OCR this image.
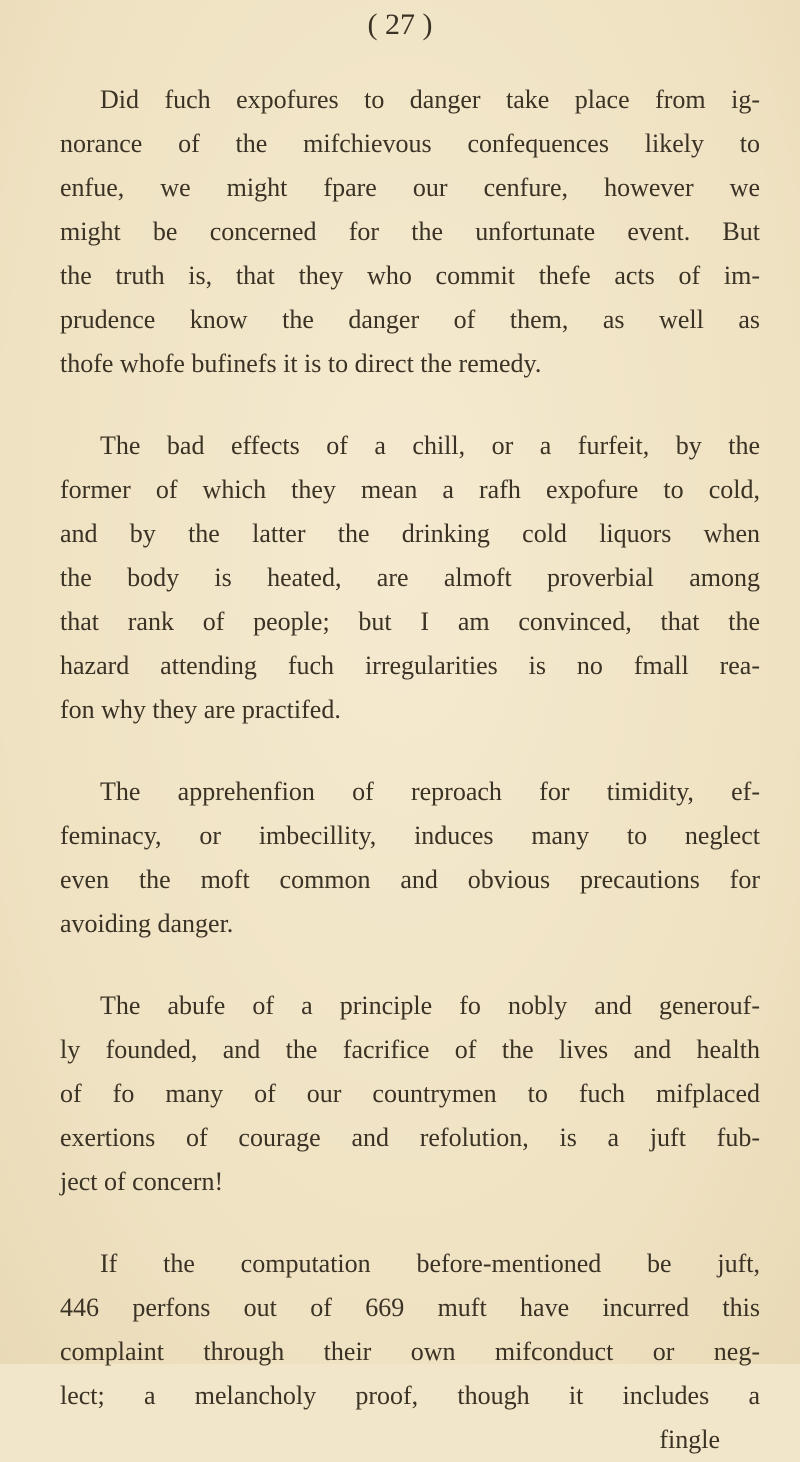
( 27 )
Did fuch expofures to danger take place from ig-
norance of the mifchievous confequences likely to
enfue, we might fpare our cenfure, however we
might be concerned for the unfortunate event. But
the truth is, that they who commit thefe acts of im-
prudence know the danger of them, as well as
thofe whofe bufinefs it is to direct the remedy.
The bad effects of a chill, or a furfeit, by the
former of which they mean a rafh expofure to cold,
and by the latter the drinking cold liquors when
the body is heated, are almoft proverbial among
that rank of people; but I am convinced, that the
hazard attending fuch irregularities is no fmall rea-
fon why they are practifed.
The apprehenfion of reproach for timidity, ef-
feminacy, or imbecillity, induces many to neglect
even the moft common and obvious precautions for
avoiding danger.
The abufe of a principle fo nobly and generouf-
ly founded, and the facrifice of the lives and health
of fo many of our countrymen to fuch mifplaced
exertions of courage and refolution, is a juft fub-
ject of concern!
If the computation before-mentioned be juft,
446 perfons out of 669 muft have incurred this
complaint through their own mifconduct or neg-
lect; a melancholy proof, though it includes a
fingle
